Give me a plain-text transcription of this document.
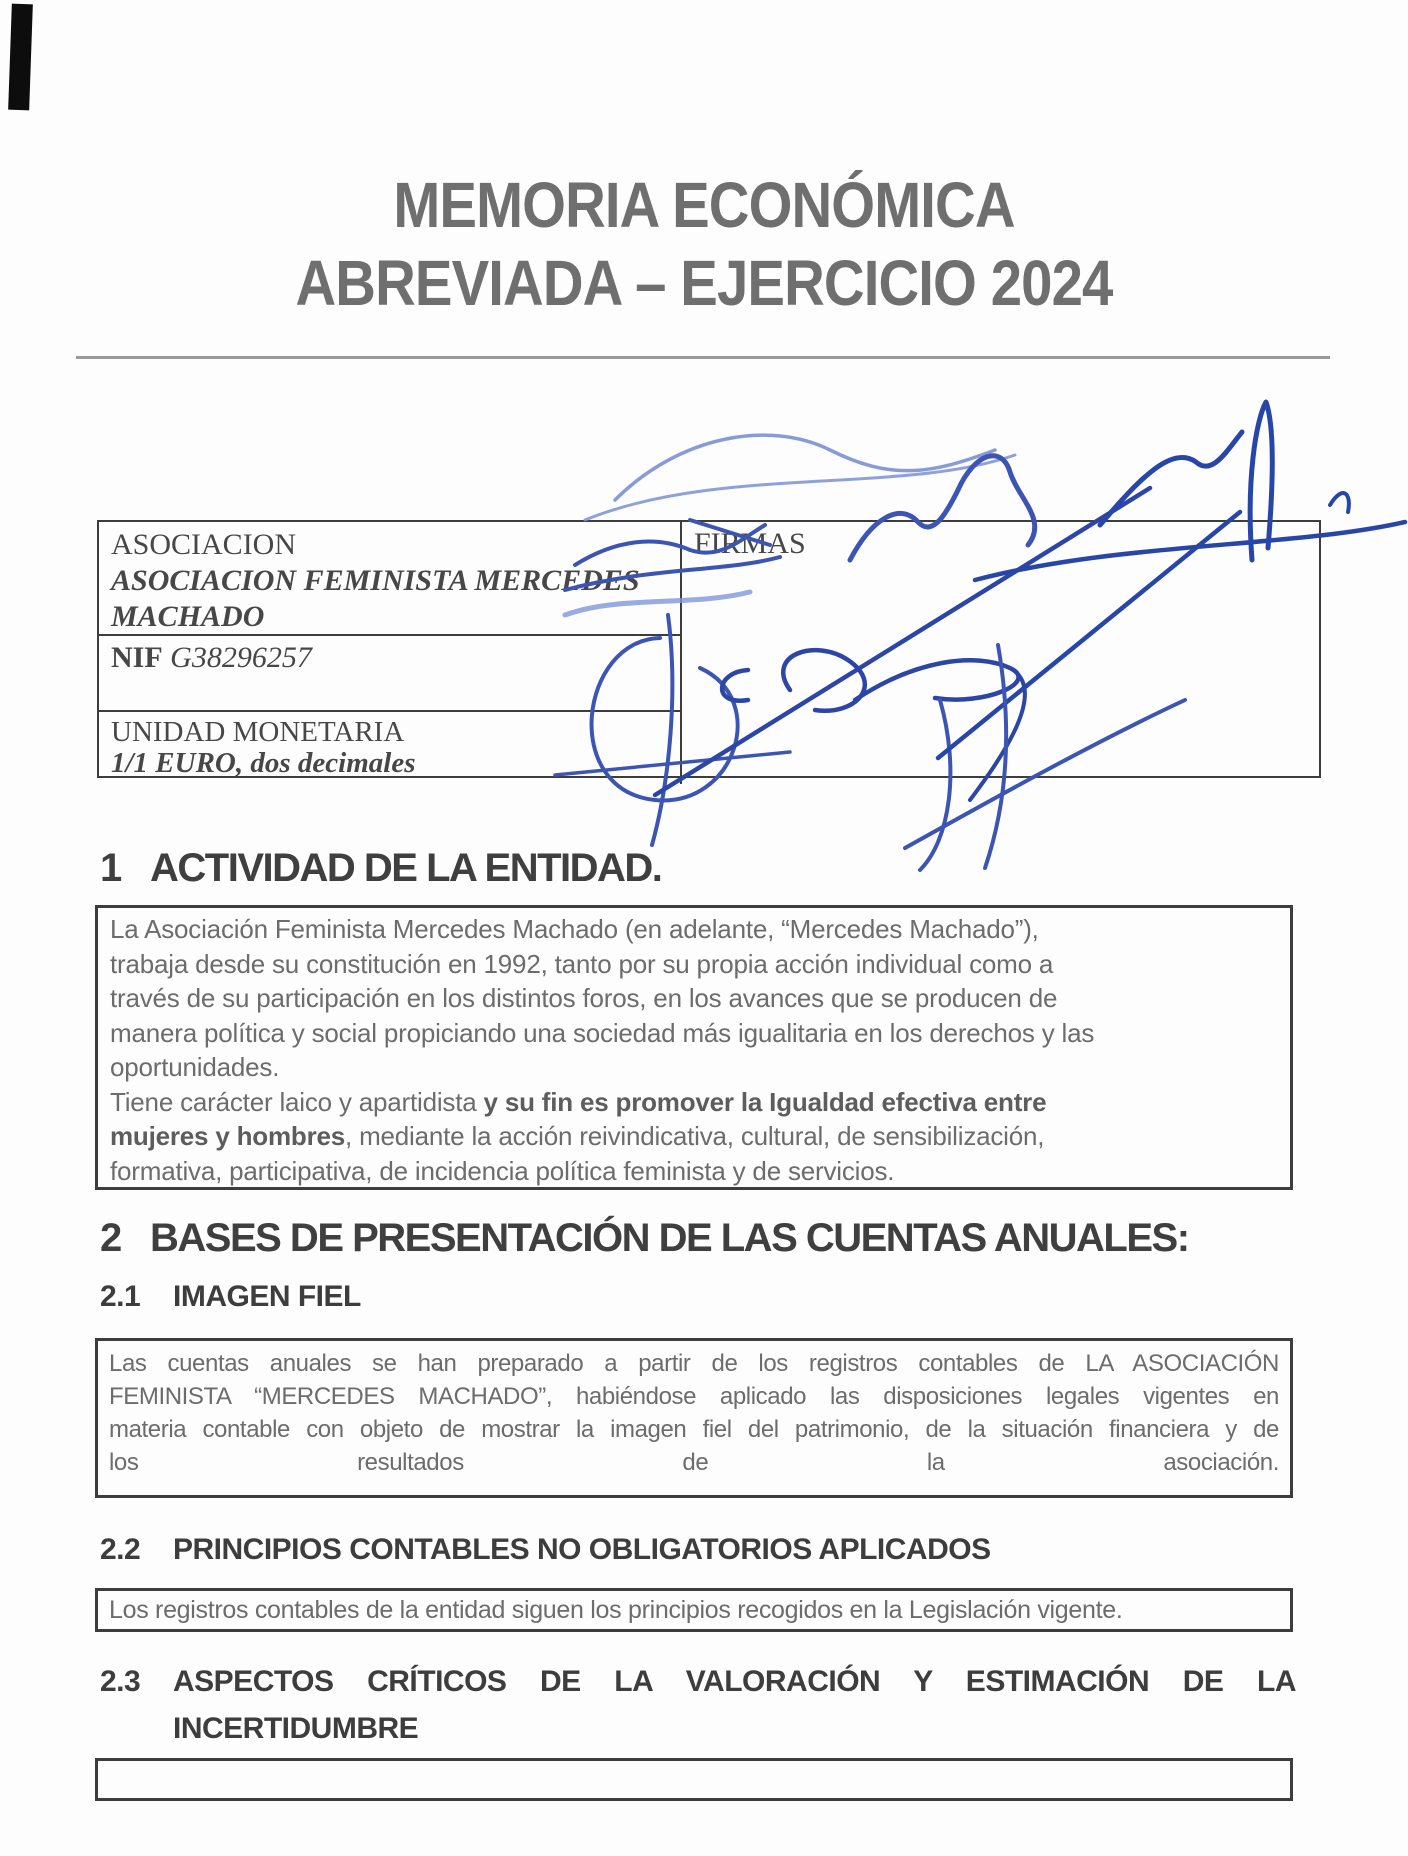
MEMORIA ECONÓMICA
ABREVIADA – EJERCICIO 2024
ASOCIACION
ASOCIACION FEMINISTA MERCEDES
MACHADO
NIF G38296257
UNIDAD MONETARIA
1/1 EURO, dos decimales
FIRMAS
1 ACTIVIDAD DE LA ENTIDAD.
La Asociación Feminista Mercedes Machado (en adelante, “Mercedes Machado”),
trabaja desde su constitución en 1992, tanto por su propia acción individual como a
través de su participación en los distintos foros, en los avances que se producen de
manera política y social propiciando una sociedad más igualitaria en los derechos y las
oportunidades.
Tiene carácter laico y apartidista y su fin es promover la Igualdad efectiva entre
mujeres y hombres, mediante la acción reivindicativa, cultural, de sensibilización,
formativa, participativa, de incidencia política feminista y de servicios.
2 BASES DE PRESENTACIÓN DE LAS CUENTAS ANUALES:
2.1 IMAGEN FIEL
Las cuentas anuales se han preparado a partir de los registros contables de LA ASOCIACIÓN
FEMINISTA “MERCEDES MACHADO”, habiéndose aplicado las disposiciones legales vigentes en
materia contable con objeto de mostrar la imagen fiel del patrimonio, de la situación financiera y de
los resultados de la asociación.
2.2 PRINCIPIOS CONTABLES NO OBLIGATORIOS APLICADOS
Los registros contables de la entidad siguen los principios recogidos en la Legislación vigente.
2.3 ASPECTOS CRÍTICOS DE LA VALORACIÓN Y ESTIMACIÓN DE LA
INCERTIDUMBRE
